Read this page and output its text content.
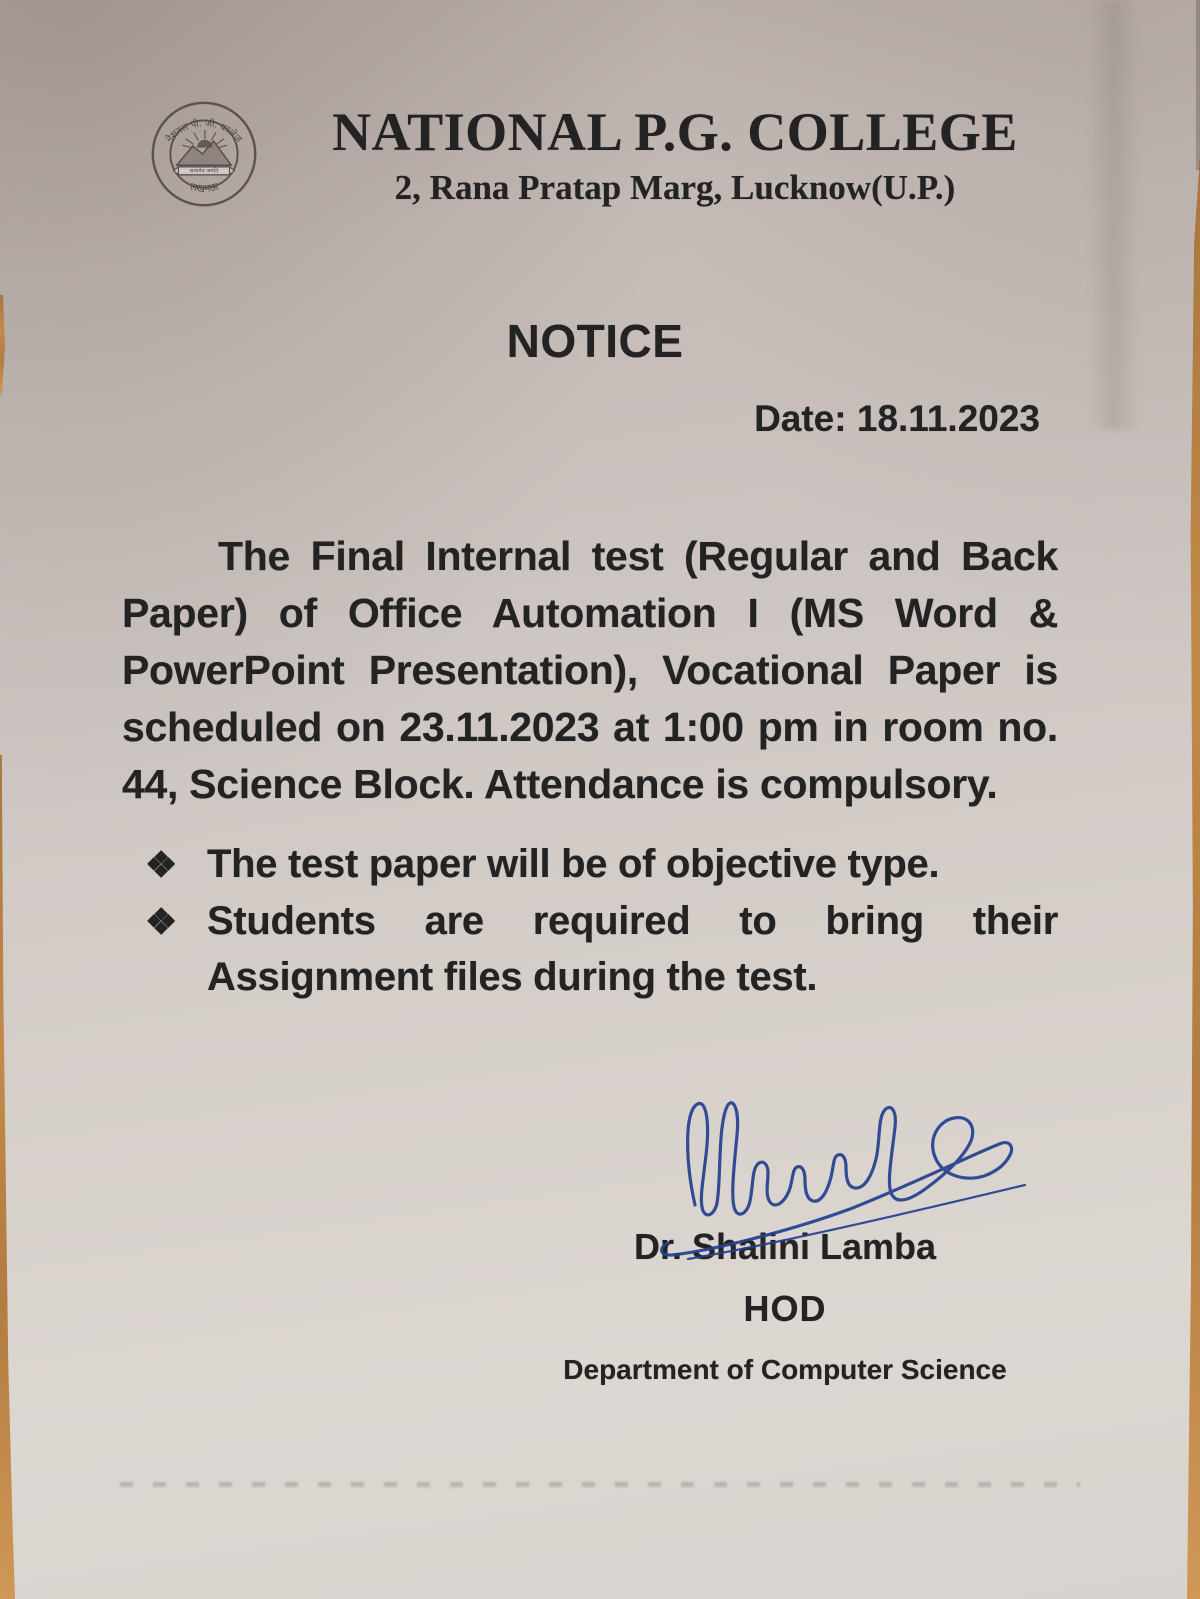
सत्यमेव जयति
नेशनल पी. जी. कालेज
लखनऊ
NATIONAL P.G. COLLEGE
2, Rana Pratap Marg, Lucknow(U.P.)
NOTICE
Date: 18.11.2023
The Final Internal test (Regular and Back
Paper) of Office Automation I (MS Word &
PowerPoint Presentation), Vocational Paper is
scheduled on 23.11.2023 at 1:00 pm in room no.
44, Science Block. Attendance is compulsory.
❖ The test paper will be of objective type.
❖ Students are required to bring their
Assignment files during the test.
Dr. Shalini Lamba
HOD
Department of Computer Science
